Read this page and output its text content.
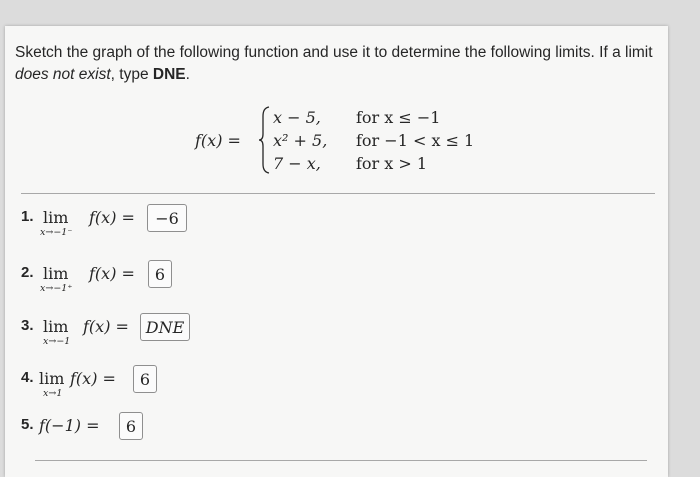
Sketch the graph of the following function and use it to determine the following limits. If a limit does not exist, type DNE.
f(x) =
x − 5, for x ≤ −1
x² + 5, for −1 < x ≤ 1
7 − x, for x > 1
1. lim
x→−1⁻
f(x) = −6
2. lim
x→−1⁺
f(x) = 6
3. lim
x→−1
f(x) = DNE
4. lim
x→1
f(x) = 6
5. f(−1) = 6
